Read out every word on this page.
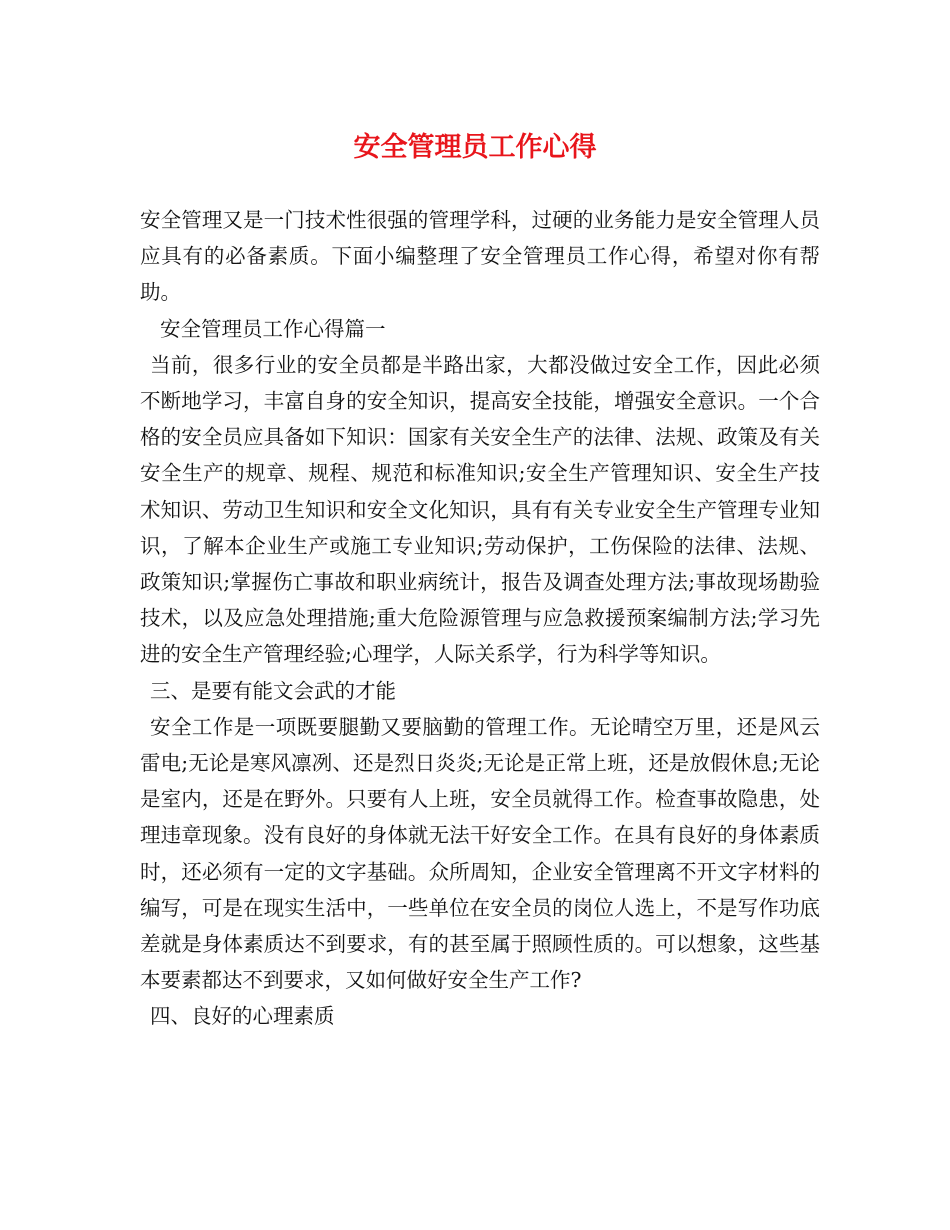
安全管理员工作心得

安全管理又是一门技术性很强的管理学科，过硬的业务能力是安全管理人员应具有的必备素质。下面小编整理了安全管理员工作心得，希望对你有帮助。

安全管理员工作心得篇一

当前，很多行业的安全员都是半路出家，大都没做过安全工作，因此必须不断地学习，丰富自身的安全知识，提高安全技能，增强安全意识。一个合格的安全员应具备如下知识：国家有关安全生产的法律、法规、政策及有关安全生产的规章、规程、规范和标准知识;安全生产管理知识、安全生产技术知识、劳动卫生知识和安全文化知识，具有有关专业安全生产管理专业知识，了解本企业生产或施工专业知识;劳动保护，工伤保险的法律、法规、政策知识;掌握伤亡事故和职业病统计，报告及调查处理方法;事故现场勘验技术，以及应急处理措施;重大危险源管理与应急救援预案编制方法;学习先进的安全生产管理经验;心理学，人际关系学，行为科学等知识。

三、是要有能文会武的才能

安全工作是一项既要腿勤又要脑勤的管理工作。无论晴空万里，还是风云雷电;无论是寒风凛冽、还是烈日炎炎;无论是正常上班，还是放假休息;无论是室内，还是在野外。只要有人上班，安全员就得工作。检查事故隐患，处理违章现象。没有良好的身体就无法干好安全工作。在具有良好的身体素质时，还必须有一定的文字基础。众所周知，企业安全管理离不开文字材料的编写，可是在现实生活中，一些单位在安全员的岗位人选上，不是写作功底差就是身体素质达不到要求，有的甚至属于照顾性质的。可以想象，这些基本要素都达不到要求，又如何做好安全生产工作?

四、良好的心理素质
